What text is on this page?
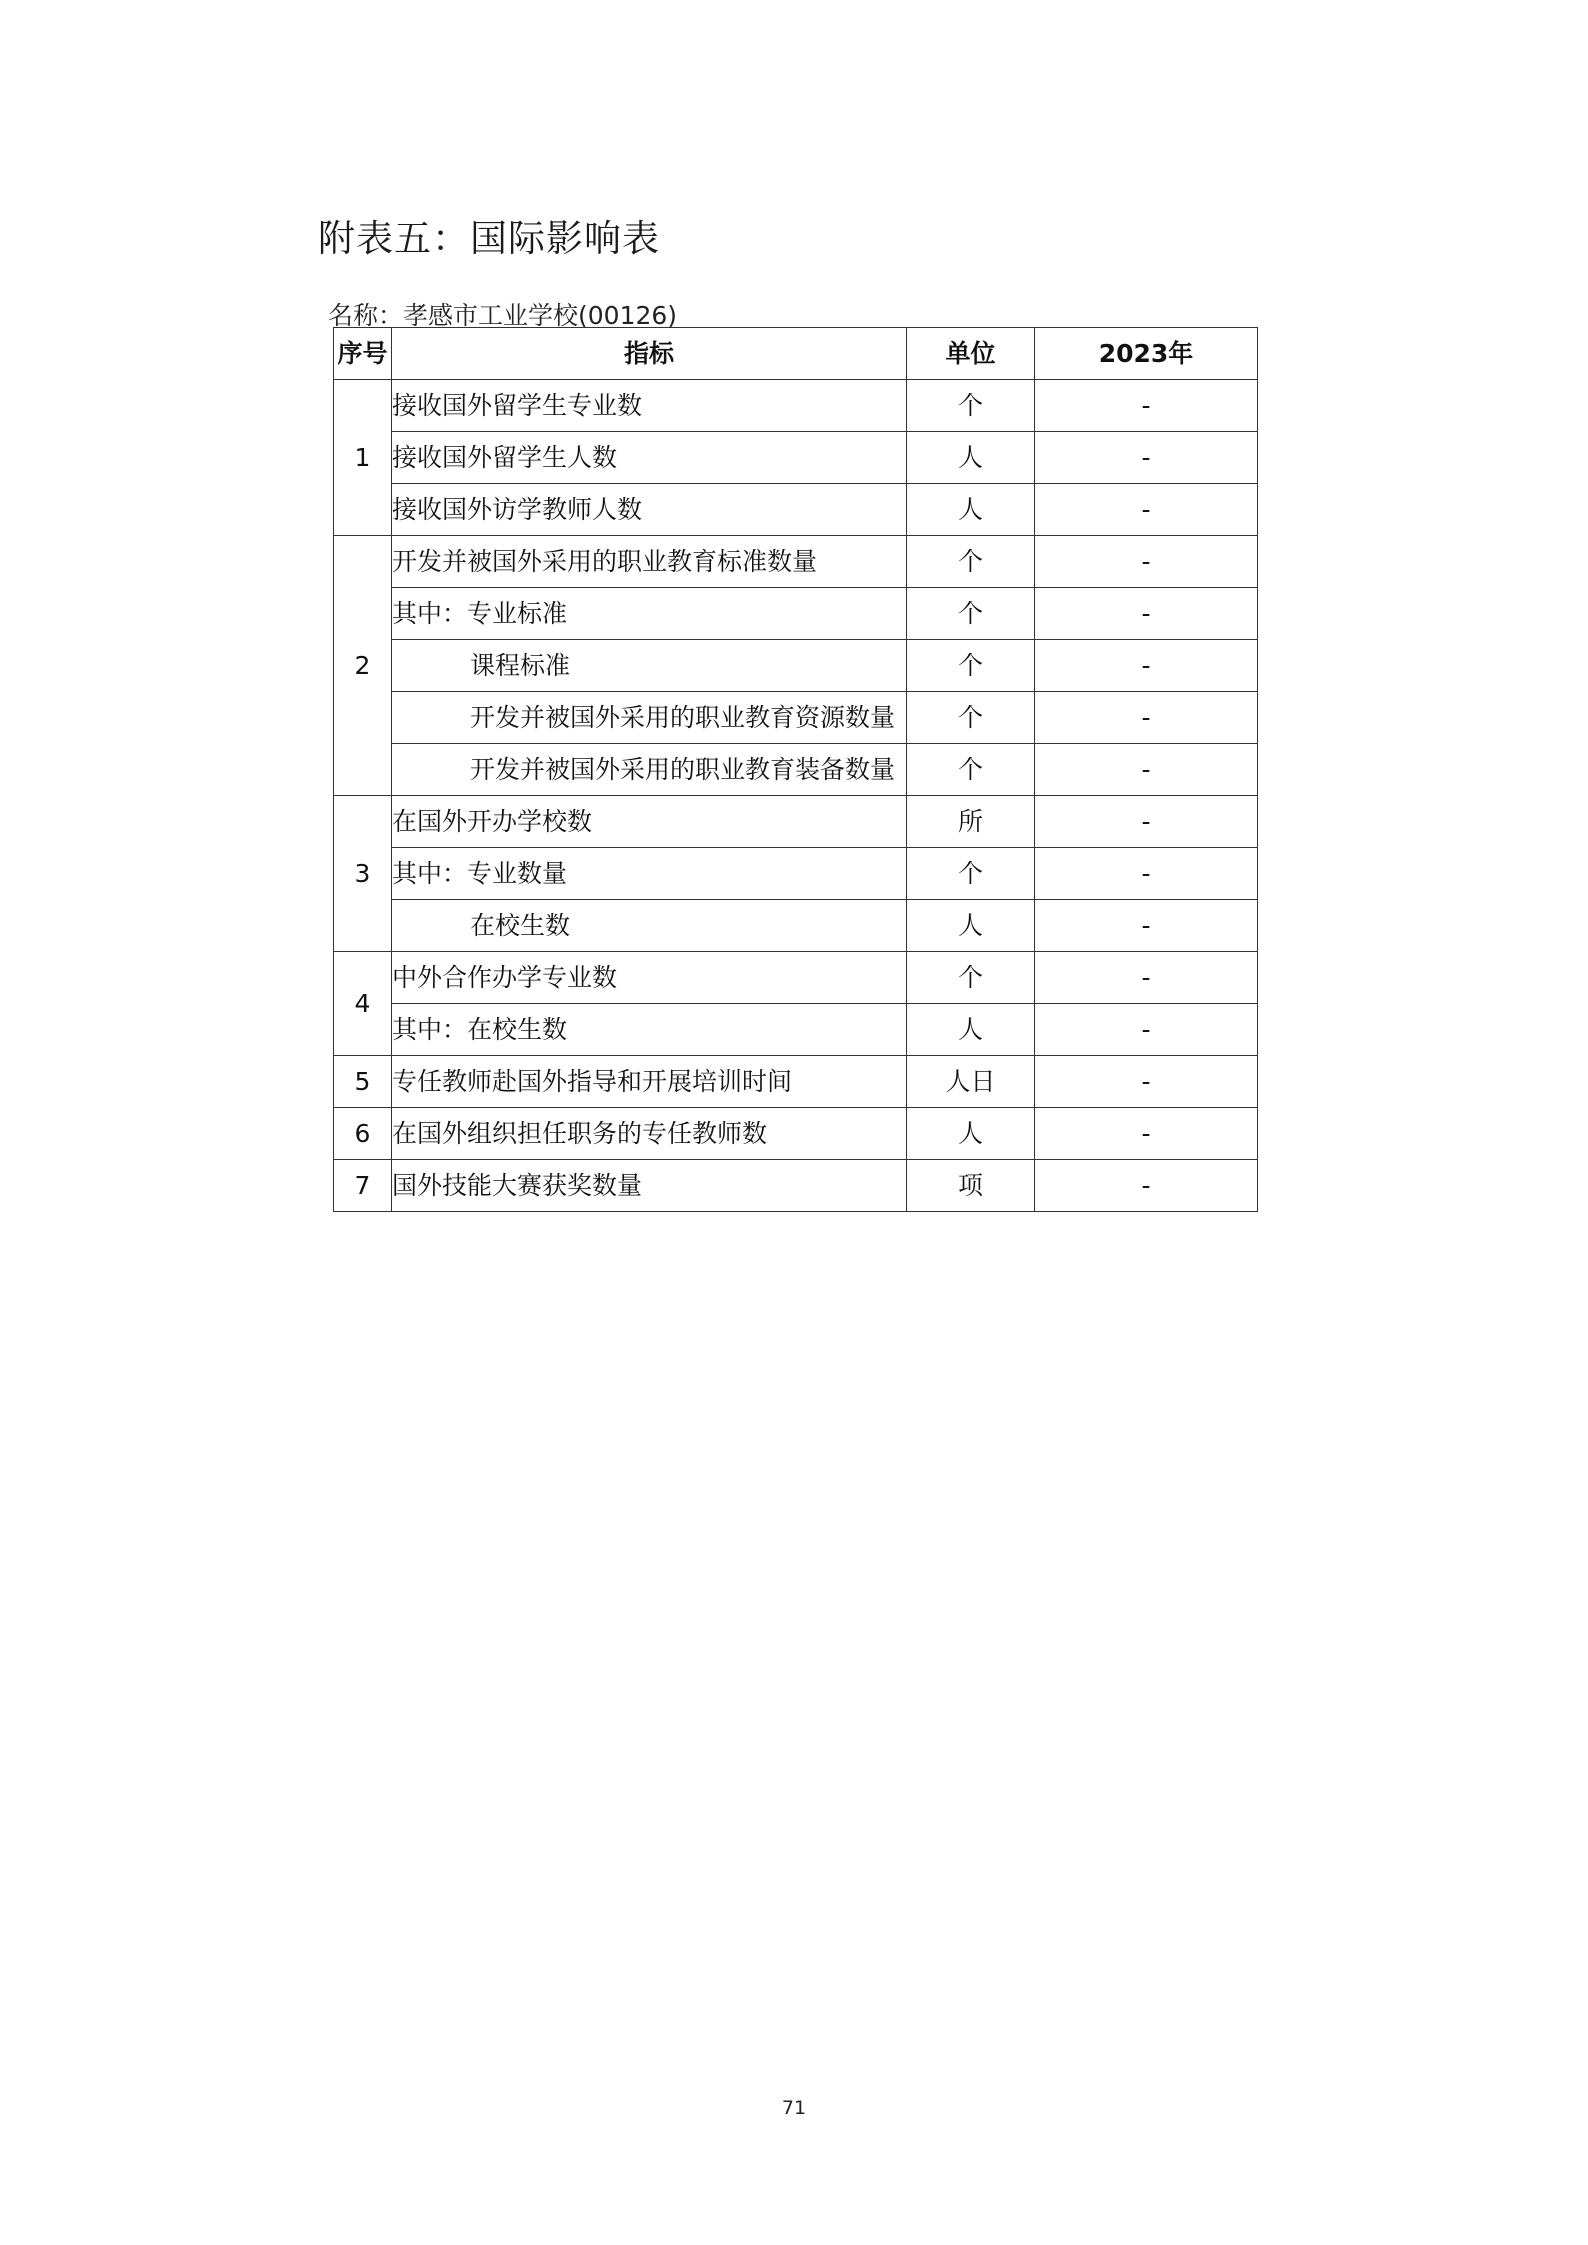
附表五：国际影响表
名称：孝感市工业学校(00126)
序号	指标	单位	2023年
1	接收国外留学生专业数	个	-
	接收国外留学生人数	人	-
	接收国外访学教师人数	人	-
2	开发并被国外采用的职业教育标准数量	个	-
	其中：专业标准	个	-
	课程标准	个	-
	开发并被国外采用的职业教育资源数量	个	-
	开发并被国外采用的职业教育装备数量	个	-
3	在国外开办学校数	所	-
	其中：专业数量	个	-
	在校生数	人	-
4	中外合作办学专业数	个	-
	其中：在校生数	人	-
5	专任教师赴国外指导和开展培训时间	人日	-
6	在国外组织担任职务的专任教师数	人	-
7	国外技能大赛获奖数量	项	-
71
